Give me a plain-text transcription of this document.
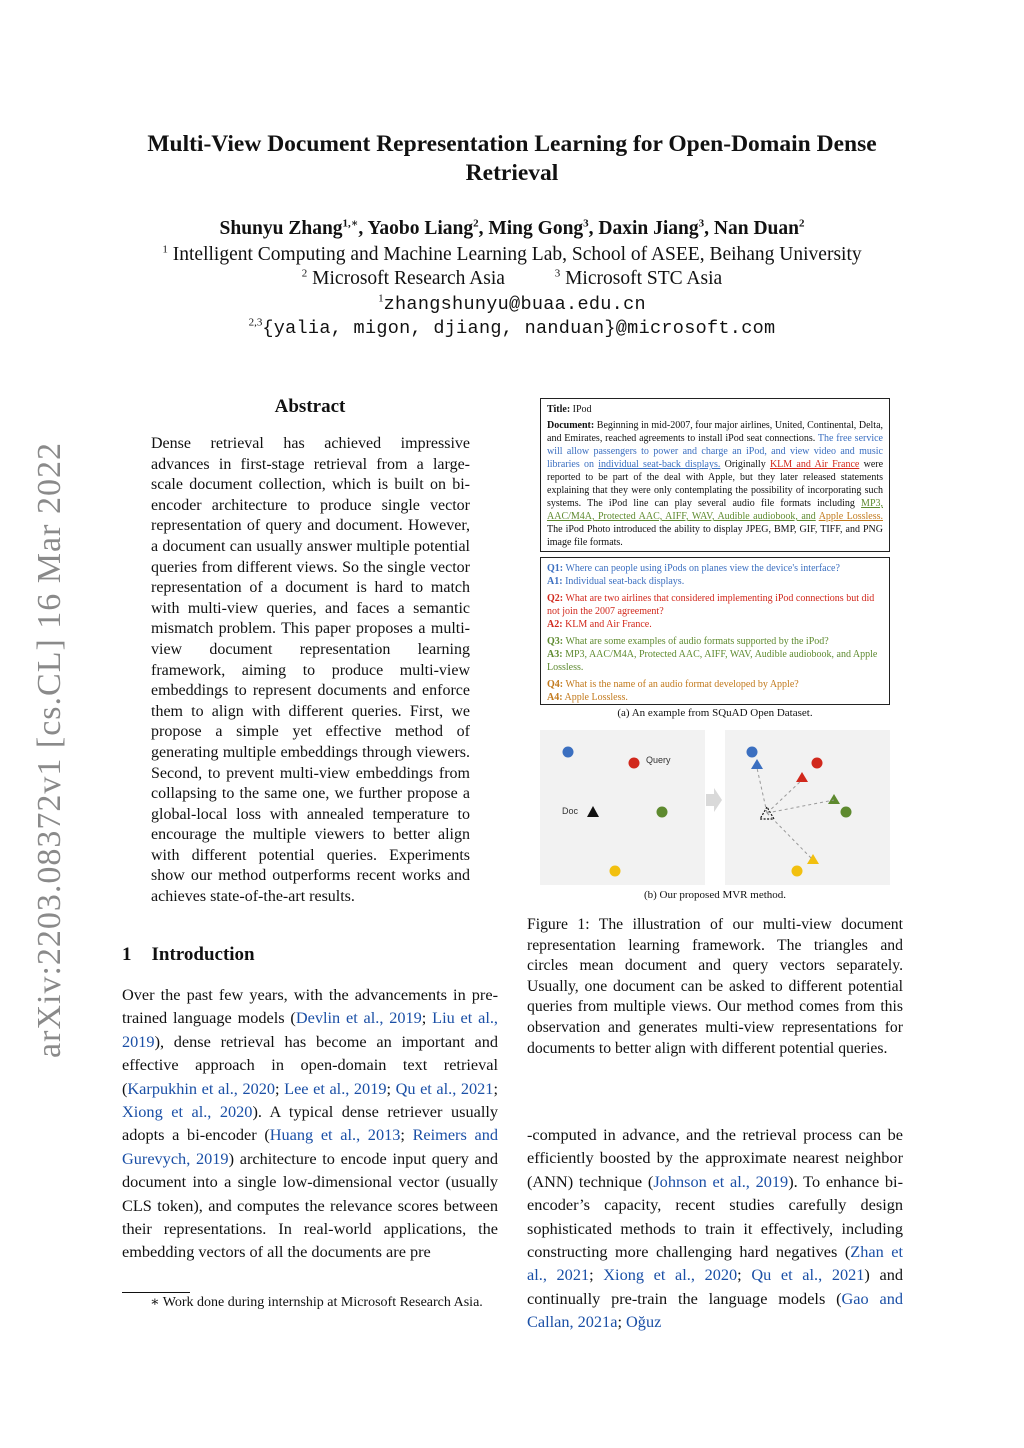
Multi-View Document Representation Learning for Open-Domain Dense Retrieval
Shunyu Zhang$^{1,∗}$, Yaobo Liang$^2$, Ming Gong$^3$, Daxin Jiang$^3$, Nan Duan$^2$
$^1$ Intelligent Computing and Machine Learning Lab, School of ASEE, Beihang University
$^2$ Microsoft Research Asia	$^3$ Microsoft STC Asia
$^1$zhangshunyu@buaa.edu.cn
$^{2,3}${yalia, migon, djiang, nanduan}@microsoft.com
arXiv:2203.08372v1 [cs.CL] 16 Mar 2022
Abstract
Dense retrieval has achieved impressive advances in first-stage retrieval from a large-scale document collection, which is built on bi-encoder architecture to produce single vector representation of query and document. However, a document can usually answer multiple potential queries from different views. So the single vector representation of a document is hard to match with multi-view queries, and faces a semantic mismatch problem. This paper proposes a multi-view document representation learning framework, aiming to produce multi-view embeddings to represent documents and enforce them to align with different queries. First, we propose a simple yet effective method of generating multiple embeddings through viewers. Second, to prevent multi-view embeddings from collapsing to the same one, we further propose a global-local loss with annealed temperature to encourage the multiple viewers to better align with different potential queries. Experiments show our method outperforms recent works and achieves state-of-the-art results.
1 Introduction
Over the past few years, with the advancements in pre-trained language models (Devlin et al., 2019; Liu et al., 2019), dense retrieval has become an important and effective approach in open-domain text retrieval (Karpukhin et al., 2020; Lee et al., 2019; Qu et al., 2021; Xiong et al., 2020). A typical dense retriever usually adopts a bi-encoder (Huang et al., 2013; Reimers and Gurevych, 2019) architecture to encode input query and document into a single low-dimensional vector (usually CLS token), and computes the relevance scores between their representations. In real-world applications, the embedding vectors of all the documents are pre
∗ Work done during internship at Microsoft Research Asia.
Title: IPod
Document: Beginning in mid-2007, four major airlines, United, Continental, Delta, and Emirates, reached agreements to install iPod seat connections. The free service will allow passengers to power and charge an iPod, and view video and music libraries on individual seat-back displays. Originally KLM and Air France were reported to be part of the deal with Apple, but they later released statements explaining that they were only contemplating the possibility of incorporating such systems. The iPod line can play several audio file formats including MP3, AAC/M4A, Protected AAC, AIFF, WAV, Audible audiobook, and Apple Lossless. The iPod Photo introduced the ability to display JPEG, BMP, GIF, TIFF, and PNG image file formats.

Q1: Where can people using iPods on planes view the device's interface?
A1: Individual seat-back displays.

Q2: What are two airlines that considered implementing iPod connections but did not join the 2007 agreement?
A2: KLM and Air France.

Q3: What are some examples of audio formats supported by the iPod?
A3: MP3, AAC/M4A, Protected AAC, AIFF, WAV, Audible audiobook, and Apple Lossless.

Q4: What is the name of an audio format developed by Apple?
A4: Apple Lossless.

(a) An example from SQuAD Open Dataset.
Query
Doc
(b) Our proposed MVR method.
Figure 1: The illustration of our multi-view document representation learning framework. The triangles and circles mean document and query vectors separately. Usually, one document can be asked to different potential queries from multiple views. Our method comes from this observation and generates multi-view representations for documents to better align with different potential queries.
-computed in advance, and the retrieval process can be efficiently boosted by the approximate nearest neighbor (ANN) technique (Johnson et al., 2019). To enhance bi-encoder’s capacity, recent studies carefully design sophisticated methods to train it effectively, including constructing more challenging hard negatives (Zhan et al., 2021; Xiong et al., 2020; Qu et al., 2021) and continually pre-train the language models (Gao and Callan, 2021a; Oğuz
